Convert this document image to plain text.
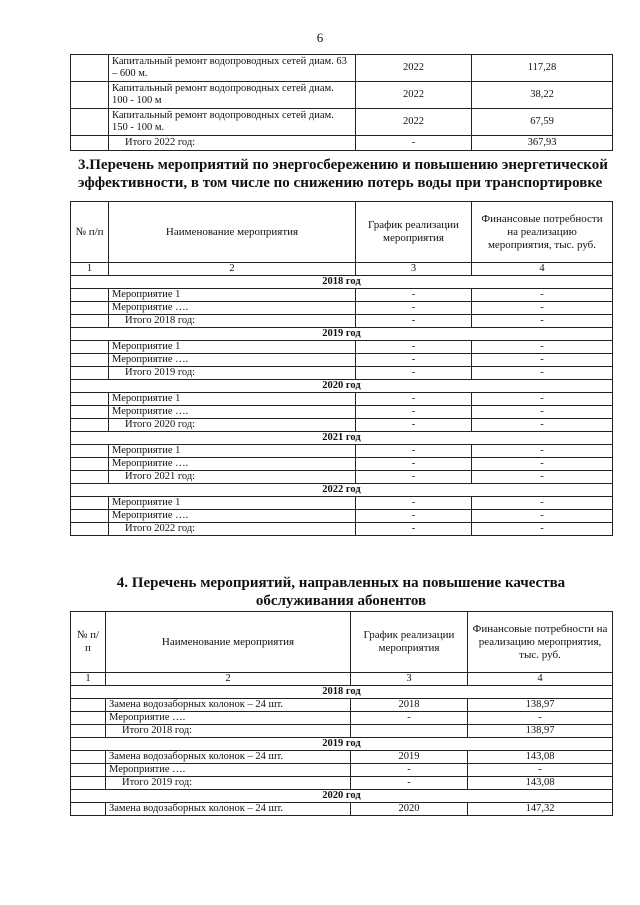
6
	Капитальный ремонт водопроводных сетей диам. 63 – 600 м.	2022	117,28
	Капитальный ремонт водопроводных сетей диам. 100 - 100 м	2022	38,22
	Капитальный ремонт водопроводных сетей диам. 150 - 100 м.	2022	67,59
	Итого 2022 год:	-	367,93
3.Перечень мероприятий по энергосбережению и повышению энергетической
эффективности, в том числе по снижению потерь воды при транспортировке
№ п/п	Наименование мероприятия	График реализации мероприятия	Финансовые потребности на реализацию мероприятия, тыс. руб.
1	2	3	4
2018 год			
	Мероприятие 1	-	-
	Мероприятие ….	-	-
	Итого 2018 год:	-	-
2019 год			
	Мероприятие 1	-	-
	Мероприятие ….	-	-
	Итого 2019 год:	-	-
2020 год			
	Мероприятие 1	-	-
	Мероприятие ….	-	-
	Итого 2020 год:	-	-
2021 год			
	Мероприятие 1	-	-
	Мероприятие ….	-	-
	Итого 2021 год:	-	-
2022 год			
	Мероприятие 1	-	-
	Мероприятие ….	-	-
	Итого 2022 год:	-	-
4. Перечень мероприятий, направленных на повышение качества
обслуживания абонентов
№ п/п	Наименование мероприятия	График реализации мероприятия	Финансовые потребности на реализацию мероприятия, тыс. руб.
1	2	3	4
2018 год			
	Замена водозаборных колонок – 24 шт.	2018	138,97
	Мероприятие ….	-	-
	Итого 2018 год:		138,97
2019 год			
	Замена водозаборных колонок – 24 шт.	2019	143,08
	Мероприятие ….	-	-
	Итого 2019 год:	-	143,08
2020 год			
	Замена водозаборных колонок – 24 шт.	2020	147,32
